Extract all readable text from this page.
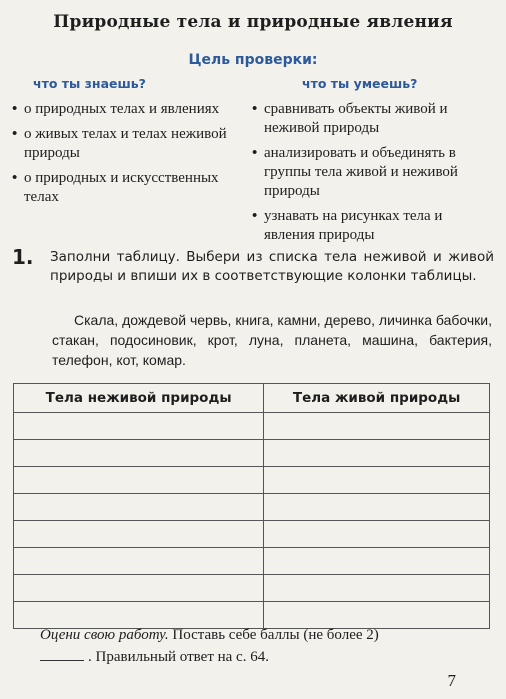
Природные тела и природные явления
Цель проверки:
что ты знаешь?	что ты умеешь?
• о природных телах и явлениях
• о живых телах и телах неживой природы
• о природных и искусственных телах
• сравнивать объекты живой и неживой природы
• анализировать и объединять в группы тела живой и неживой природы
• узнавать на рисунках тела и явления природы
1. Заполни таблицу. Выбери из списка тела неживой и живой природы и впиши их в соответствующие колонки таблицы.
Скала, дождевой червь, книга, камни, дерево, личинка бабочки, стакан, подосиновик, крот, луна, планета, машина, бактерия, телефон, кот, комар.
Тела неживой природы	Тела живой природы

Оцени свою работу. Поставь себе баллы (не более 2)
. Правильный ответ на с. 64.
7
